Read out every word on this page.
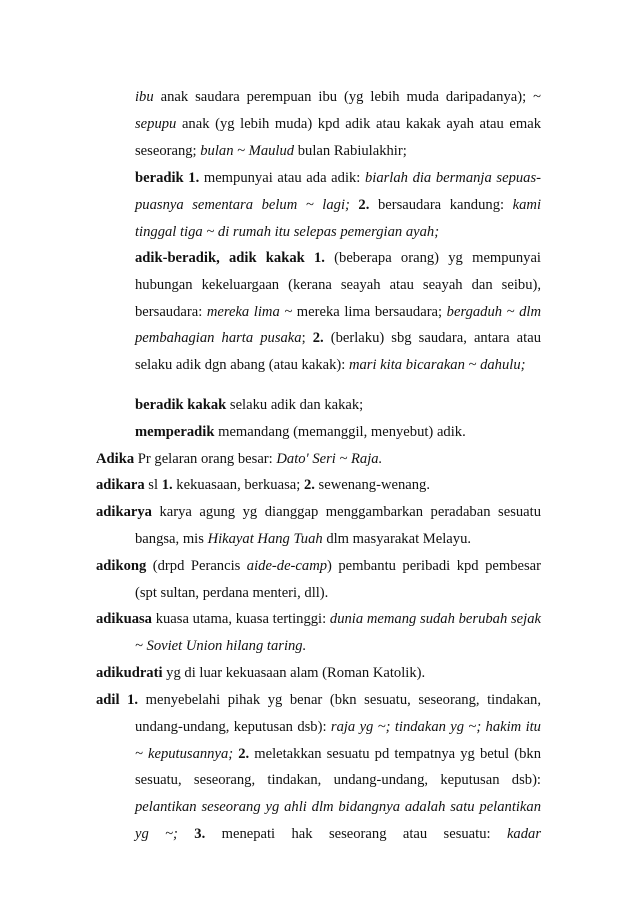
ibu anak saudara perempuan ibu (yg lebih muda daripadanya); ~ sepupu anak (yg lebih muda) kpd adik atau kakak ayah atau emak seseorang; bulan ~ Maulud bulan Rabiulakhir;
beradik 1. mempunyai atau ada adik: biarlah dia bermanja sepuas-puasnya sementara belum ~ lagi; 2. bersaudara kandung: kami tinggal tiga ~ di rumah itu selepas pemergian ayah;
adik-beradik, adik kakak 1. (beberapa orang) yg mempunyai hubungan kekeluargaan (kerana seayah atau seayah dan seibu), bersaudara: mereka lima ~ mereka lima bersaudara; bergaduh ~ dlm pembahagian harta pusaka; 2. (berlaku) sbg saudara, antara atau selaku adik dgn abang (atau kakak): mari kita bicarakan ~ dahulu;
beradik kakak selaku adik dan kakak;
memperadik memandang (memanggil, menyebut) adik.
Adika Pr gelaran orang besar: Dato' Seri ~ Raja.
adikara sl 1. kekuasaan, berkuasa; 2. sewenang-wenang.
adikarya karya agung yg dianggap menggambarkan peradaban sesuatu bangsa, mis Hikayat Hang Tuah dlm masyarakat Melayu.
adikong (drpd Perancis aide-de-camp) pembantu peribadi kpd pembesar (spt sultan, perdana menteri, dll).
adikuasa kuasa utama, kuasa tertinggi: dunia memang sudah berubah sejak ~ Soviet Union hilang taring.
adikudrati yg di luar kekuasaan alam (Roman Katolik).
adil 1. menyebelahi pihak yg benar (bkn sesuatu, seseorang, tindakan, undang-undang, keputusan dsb): raja yg ~; tindakan yg ~; hakim itu ~ keputusannya; 2. meletakkan sesuatu pd tempatnya yg betul (bkn sesuatu, seseorang, tindakan, undang-undang, keputusan dsb): pelantikan seseorang yg ahli dlm bidangnya adalah satu pelantikan yg ~; 3. menepati hak seseorang atau sesuatu: kadar
